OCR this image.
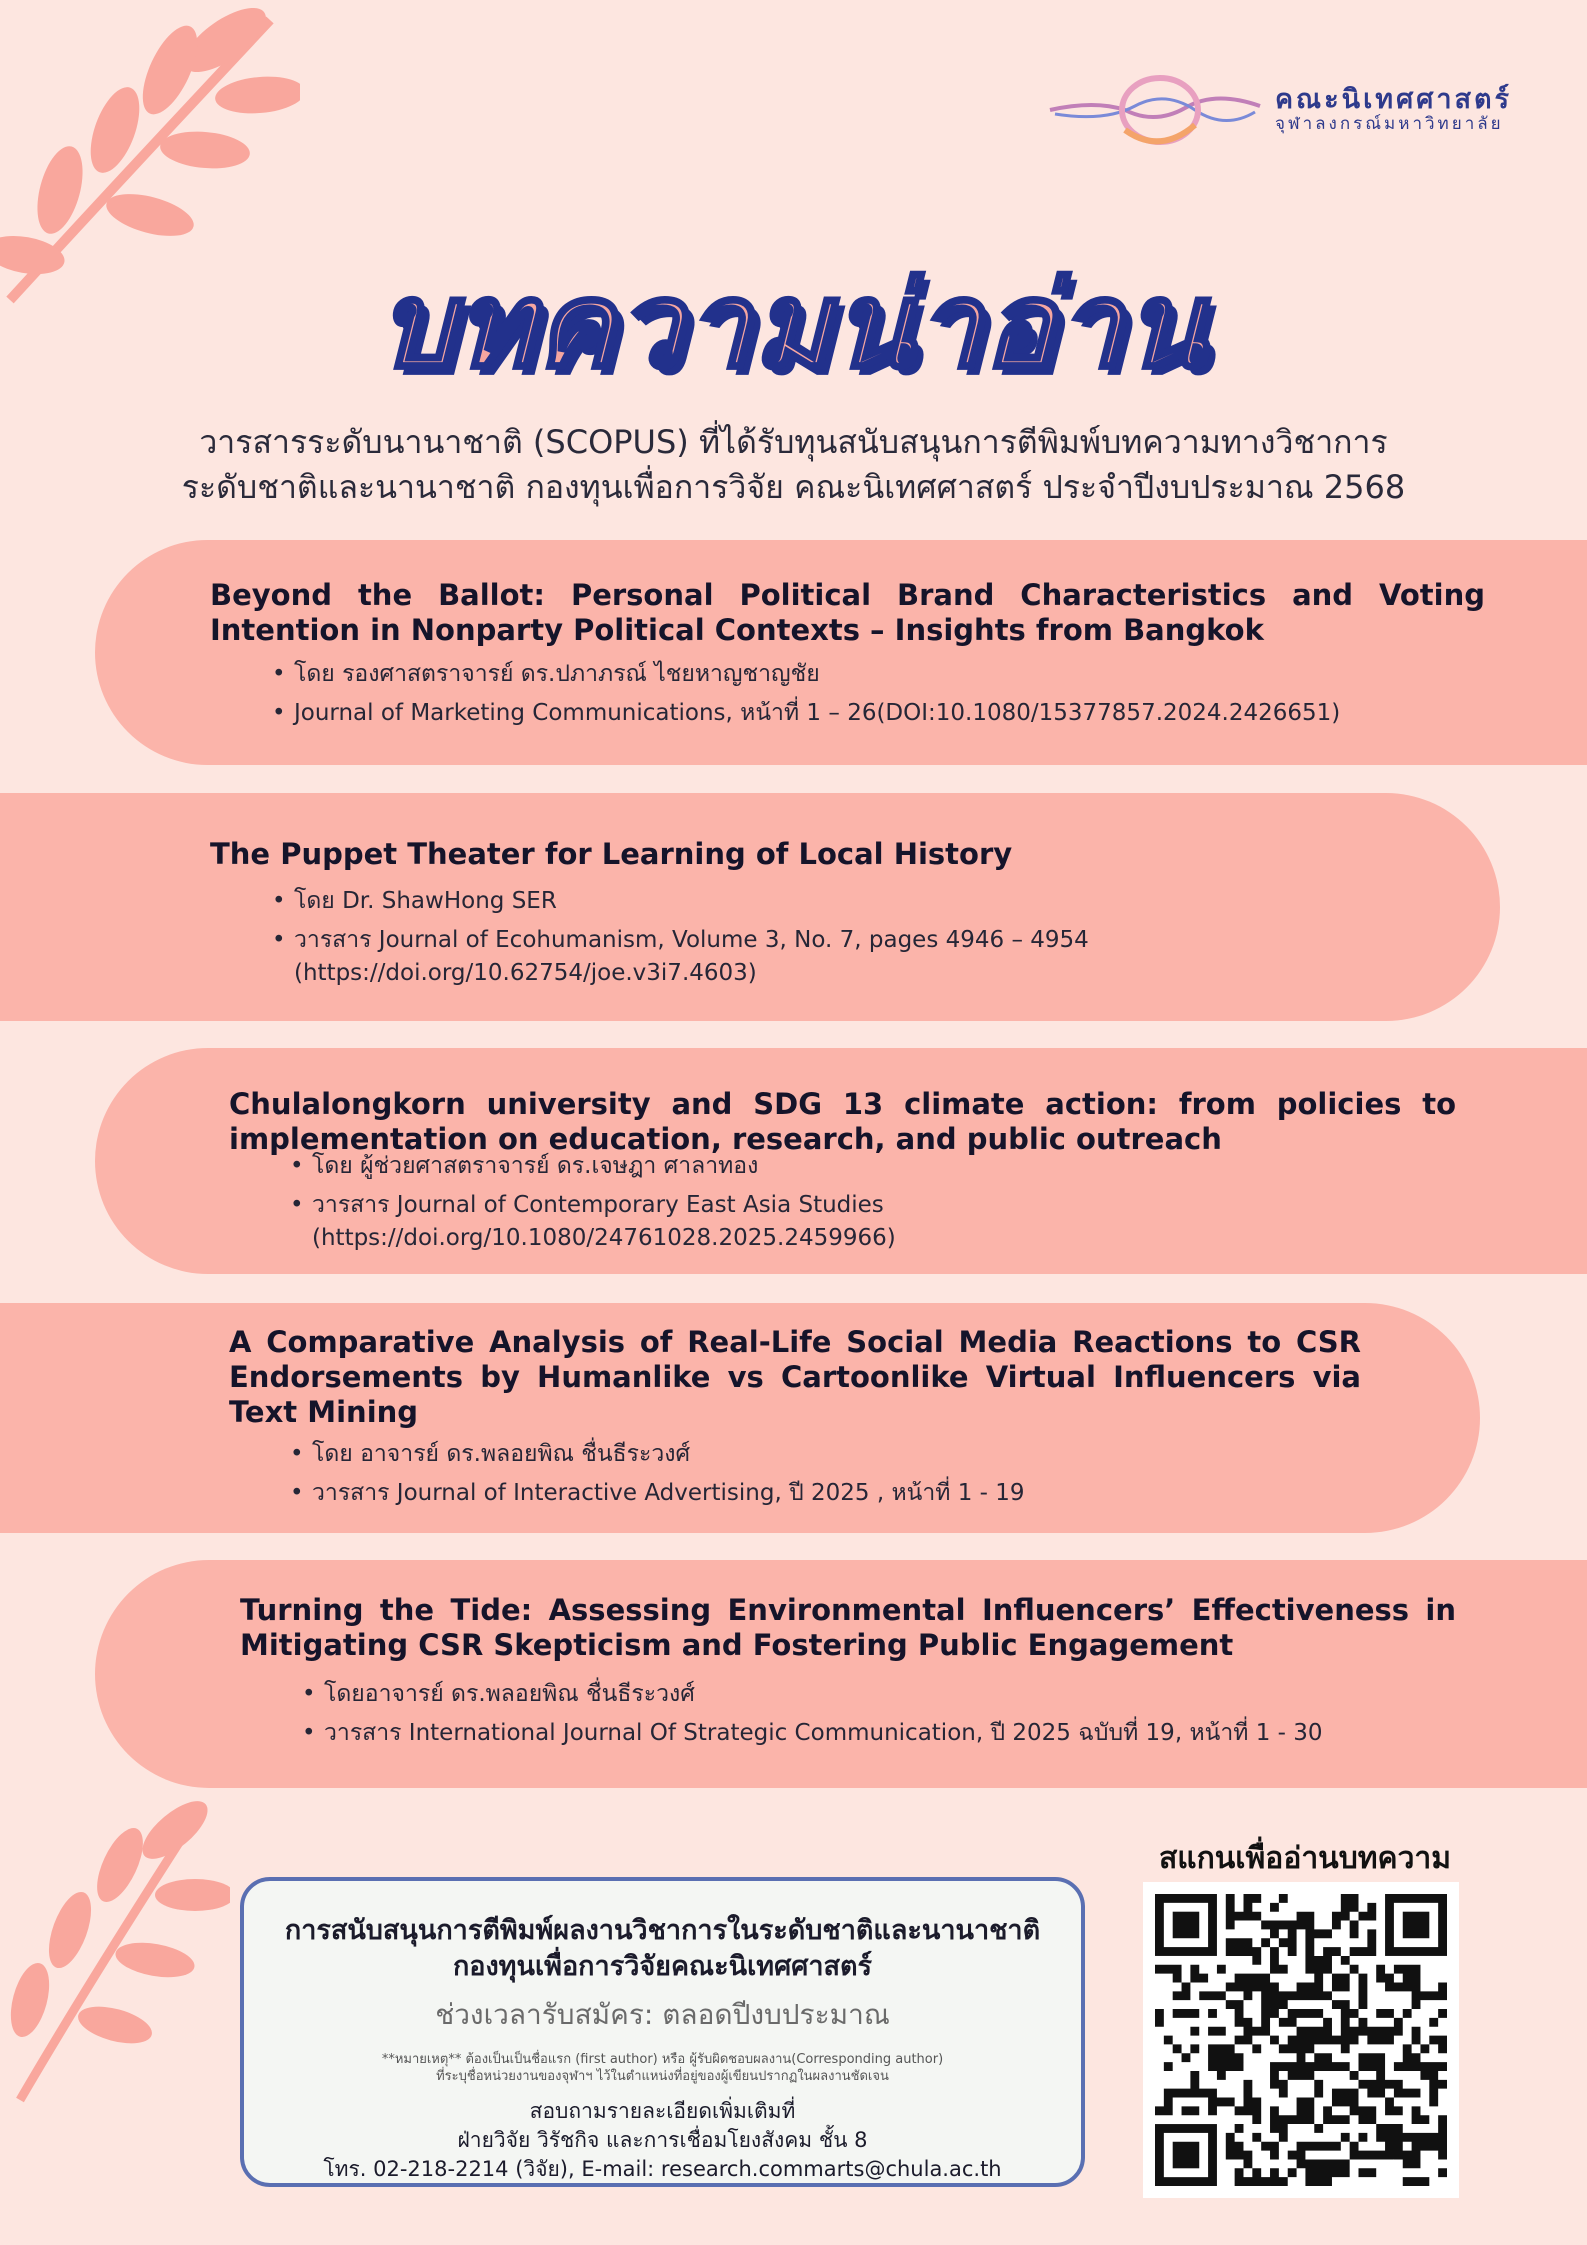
คณะนิเทศศาสตร์
จุฬาลงกรณ์มหาวิทยาลัย
บทความน่าอ่าน
วารสารระดับนานาชาติ (SCOPUS) ที่ได้รับทุนสนับสนุนการตีพิมพ์บทความทางวิชาการ
ระดับชาติและนานาชาติ กองทุนเพื่อการวิจัย คณะนิเทศศาสตร์ ประจำปีงบประมาณ 2568
Beyond the Ballot: Personal Political Brand Characteristics and Voting Intention in Nonparty Political Contexts – Insights from Bangkok
• โดย รองศาสตราจารย์ ดร.ปภาภรณ์ ไชยหาญชาญชัย
• Journal of Marketing Communications, หน้าที่ 1 – 26(DOI:10.1080/15377857.2024.2426651)
The Puppet Theater for Learning of Local History
• โดย Dr. ShawHong SER
• วารสาร Journal of Ecohumanism, Volume 3, No. 7, pages 4946 – 4954
(https://doi.org/10.62754/joe.v3i7.4603)
Chulalongkorn university and SDG 13 climate action: from policies to implementation on education, research, and public outreach
• โดย ผู้ช่วยศาสตราจารย์ ดร.เจษฎา ศาลาทอง
• วารสาร Journal of Contemporary East Asia Studies
(https://doi.org/10.1080/24761028.2025.2459966)
A Comparative Analysis of Real-Life Social Media Reactions to CSR Endorsements by Humanlike vs Cartoonlike Virtual Influencers via Text Mining
• โดย อาจารย์ ดร.พลอยพิณ ชื่นธีระวงศ์
• วารสาร Journal of Interactive Advertising, ปี 2025 , หน้าที่ 1 - 19
Turning the Tide: Assessing Environmental Influencers’ Effectiveness in Mitigating CSR Skepticism and Fostering Public Engagement
• โดยอาจารย์ ดร.พลอยพิณ ชื่นธีระวงศ์
• วารสาร International Journal Of Strategic Communication, ปี 2025 ฉบับที่ 19, หน้าที่ 1 - 30
การสนับสนุนการตีพิมพ์ผลงานวิชาการในระดับชาติและนานาชาติ
กองทุนเพื่อการวิจัยคณะนิเทศศาสตร์
ช่วงเวลารับสมัคร: ตลอดปีงบประมาณ
**หมายเหตุ** ต้องเป็นเป็นชื่อแรก (first author) หรือ ผู้รับผิดชอบผลงาน(Corresponding author)
ที่ระบุชื่อหน่วยงานของจุฬาฯ ไว้ในตำแหน่งที่อยู่ของผู้เขียนปรากฏในผลงานชัดเจน
สอบถามรายละเอียดเพิ่มเติมที่
ฝ่ายวิจัย วิรัชกิจ และการเชื่อมโยงสังคม ชั้น 8
โทร. 02-218-2214 (วิจัย), E-mail: research.commarts@chula.ac.th
สแกนเพื่ออ่านบทความ
